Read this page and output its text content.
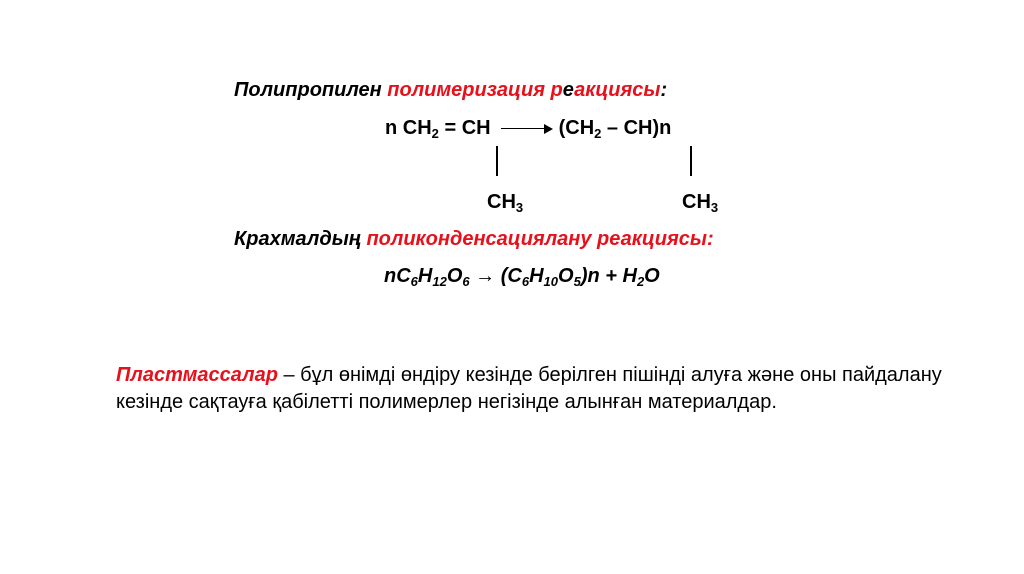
Полипропилен полимеризация реакциясы:
n $CH_2$ = CH	$(CH_2 - CH)n$
$CH_3$	$CH_3$
Крахмалдың поликонденсациялану реакциясы:
$nC_6H_{12}O_6 \to (C_6H_{10}O_5)n + H_2O$
Пластмассалар – бұл өнімді өндіру кезінде берілген пішінді алуға және оны пайдалану кезінде сақтауға қабілетті полимерлер негізінде алынған материалдар.
